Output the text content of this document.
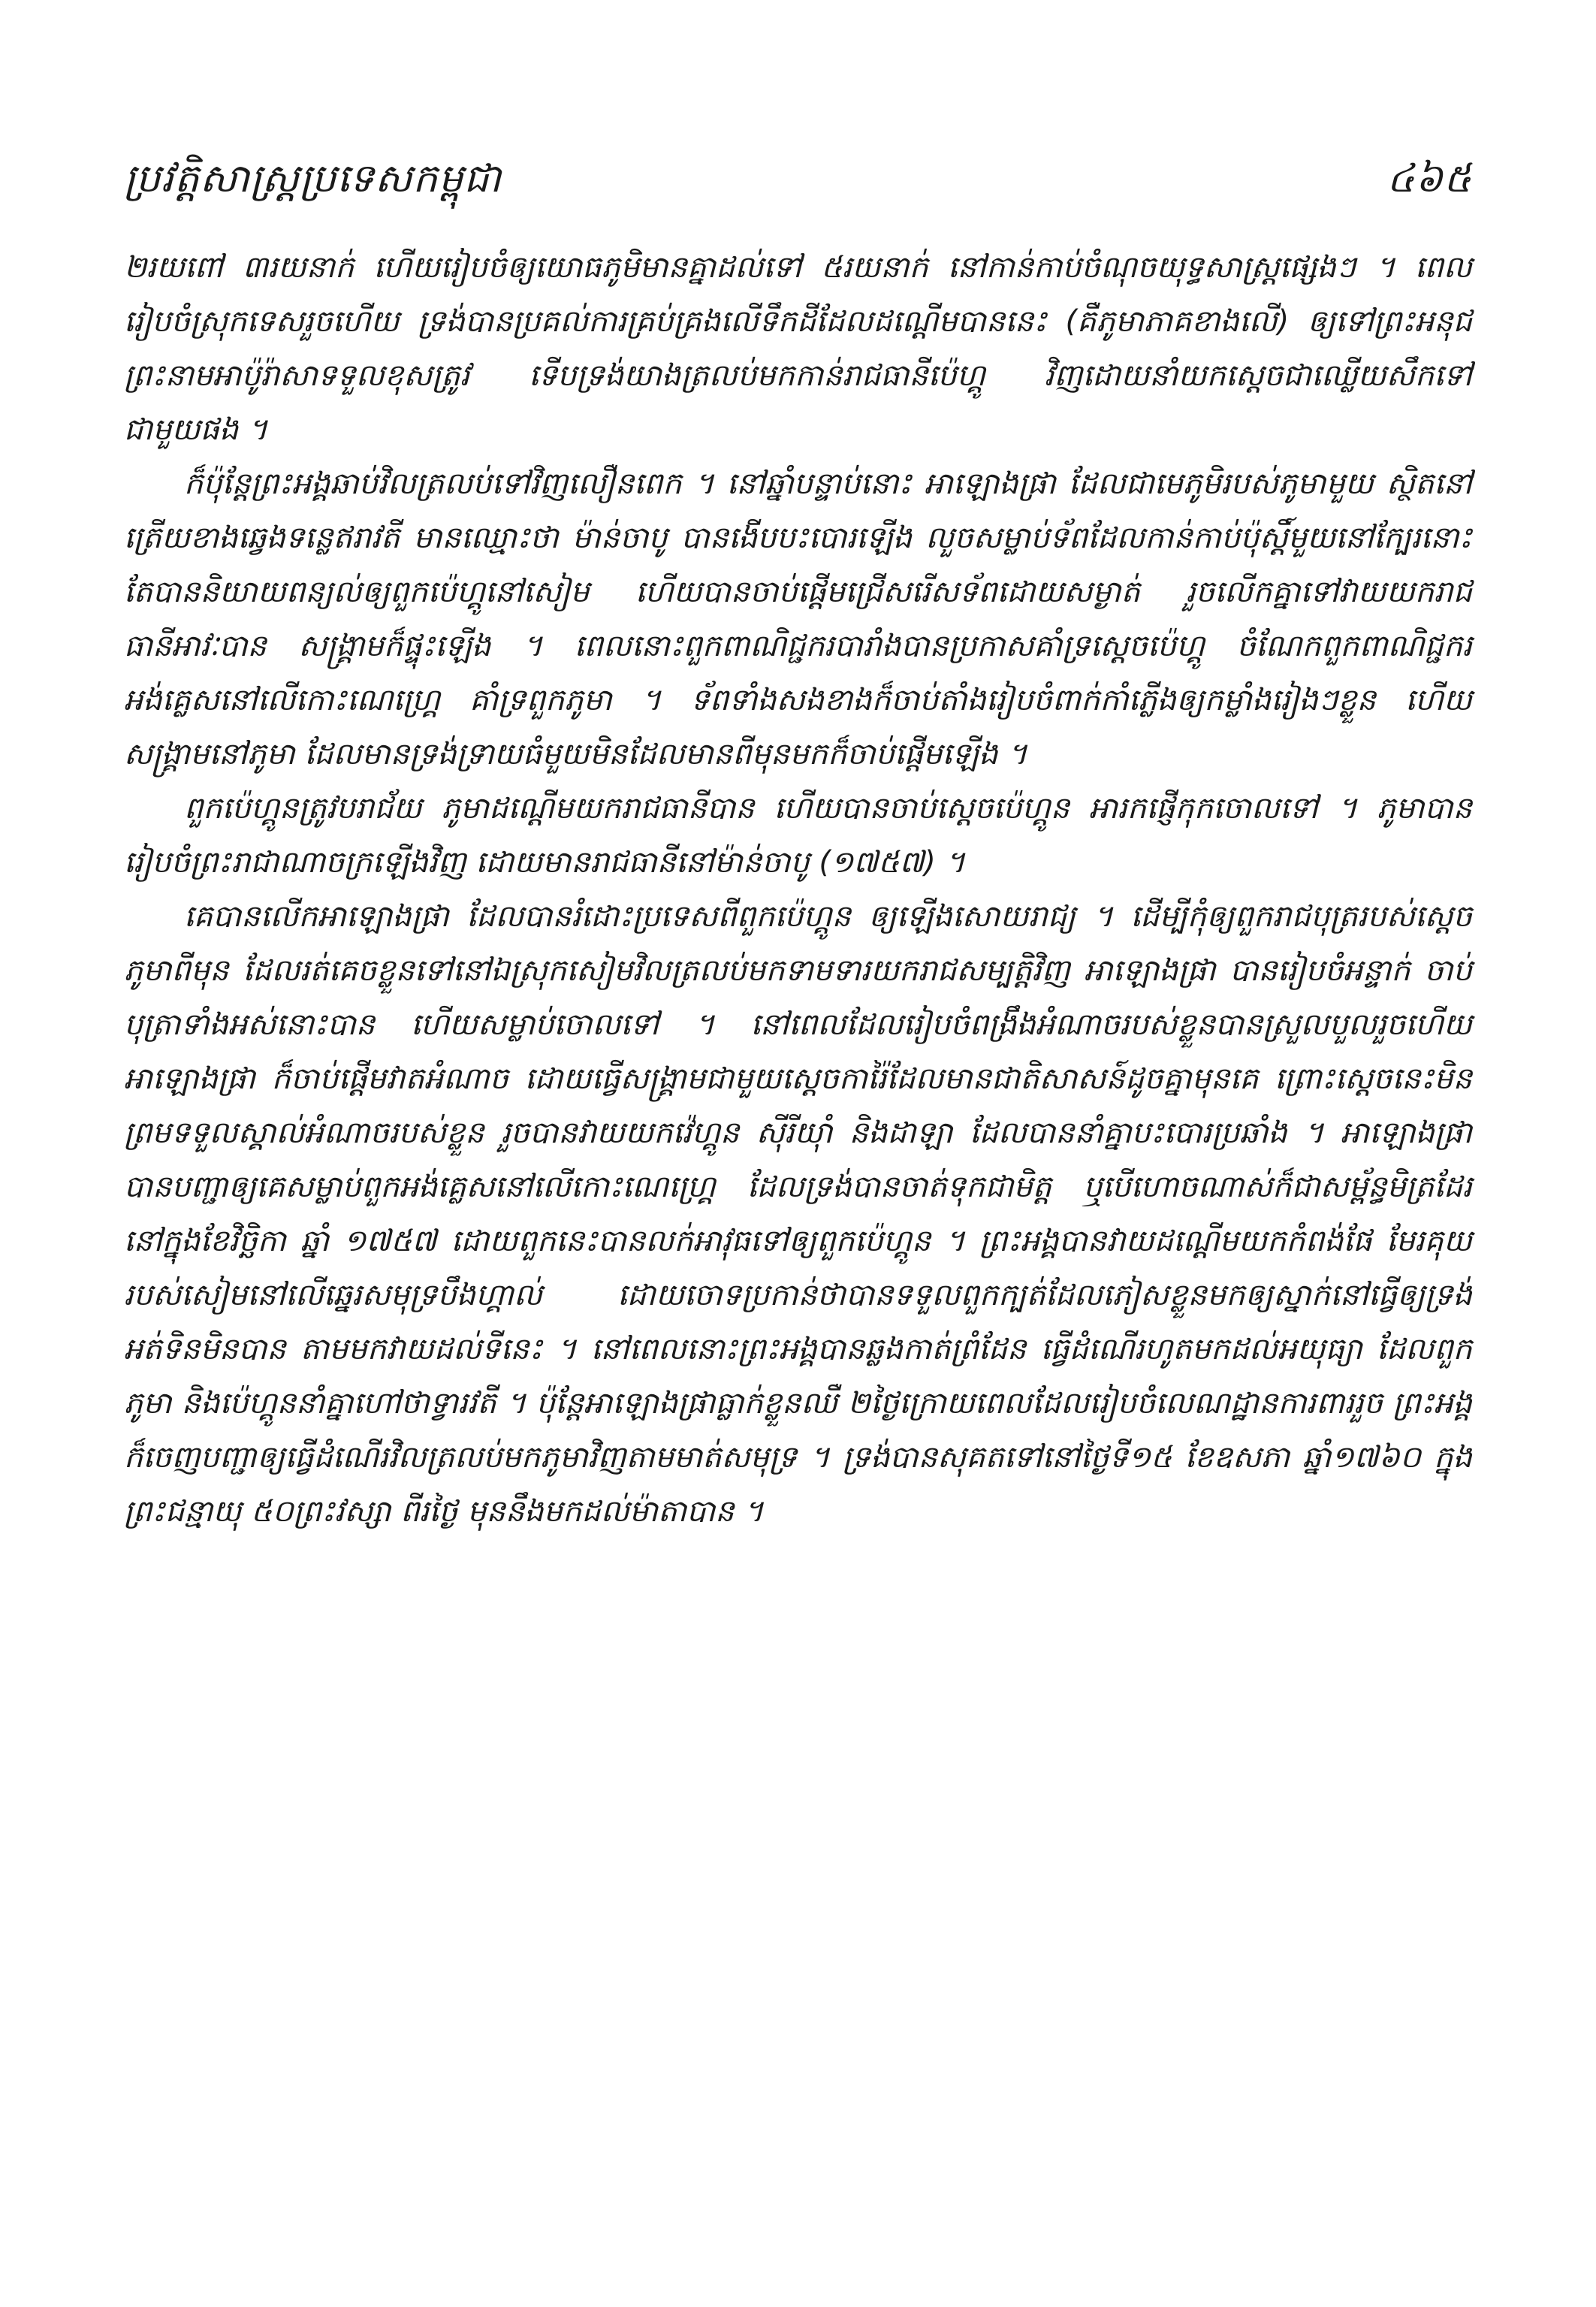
ប្រវត្តិសាស្ត្រប្រទេសកម្ពុជា	៤៦៥

២រយពៅ ៣រយនាក់ ហើយរៀបចំឲ្យយោធភូមិមានគ្នាដល់ទៅ ៥រយនាក់ នៅកាន់កាប់ចំណុចយុទ្ធសាស្ត្រផ្សេងៗ ។ ពេលរៀបចំស្រុកទេសរួចហើយ ទ្រង់បានប្រគល់ការគ្រប់គ្រងលើទឹកដីដែលដណ្តើមបាននេះ (គឺភូមាភាគខាងលើ) ឲ្យទៅព្រះអនុជព្រះនាមអាប៉ូរ៉ាសាទទួលខុសត្រូវ ទើបទ្រង់យាងត្រលប់មកកាន់រាជធានីប៉េហ្គូ វិញដោយនាំយកស្តេចជាឈ្លើយសឹកទៅជាមួយផង ។

ក៏ប៉ុន្តែព្រះអង្គឆាប់វិលត្រលប់ទៅវិញលឿនពេក ។ នៅឆ្នាំបន្ទាប់នោះ អាឡោងផ្រា ដែលជាមេភូមិរបស់ភូមាមួយ ស្ថិតនៅត្រើយខាងឆ្វេងទន្លេឥរាវតី មានឈ្មោះថា ម៉ាន់ចាបូ បានងើបបះបោរឡើង លួចសម្លាប់ទ័ពដែលកាន់កាប់ប៉ុស្តិ៍មួយនៅក្បែរនោះ តែបាននិយាយពន្យល់ឲ្យពួកប៉េហ្គូនៅសៀម ហើយបានចាប់ផ្តើមជ្រើសរើសទ័ពដោយសម្ងាត់ រួចលើកគ្នាទៅវាយយករាជធានីអាវៈបាន សង្គ្រាមក៏ផ្ទុះឡើង ។ ពេលនោះពួកពាណិជ្ជករបារាំងបានប្រកាសគាំទ្រស្តេចប៉េហ្គូ ចំណែកពួកពាណិជ្ជករអង់គ្លេសនៅលើកោះណេហ្គ្រេ គាំទ្រពួកភូមា ។ ទ័ពទាំងសងខាងក៏ចាប់តាំងរៀបចំពាក់កាំភ្លើងឲ្យកម្លាំងរៀងៗខ្លួន ហើយសង្គ្រាមនៅភូមា ដែលមានទ្រង់ទ្រាយធំមួយមិនដែលមានពីមុនមកក៏ចាប់ផ្តើមឡើង ។

ពួកប៉េហ្គូនត្រូវបរាជ័យ ភូមាដណ្តើមយករាជធានីបាន ហើយបានចាប់ស្តេចប៉េហ្គូន អារកផ្ញើកុកចោលទៅ ។ ភូមាបានរៀបចំព្រះរាជាណាចក្រឡើងវិញ ដោយមានរាជធានីនៅម៉ាន់ចាបូ (១៧៥៧) ។

គេបានលើកអាឡោងផ្រា ដែលបានរំដោះប្រទេសពីពួកប៉េហ្គូន ឲ្យឡើងសោយរាជ្យ ។ ដើម្បីកុំឲ្យពួករាជបុត្ររបស់ស្តេចភូមាពីមុន ដែលរត់គេចខ្លួនទៅនៅឯស្រុកសៀមវិលត្រលប់មកទាមទារយករាជសម្បត្តិវិញ អាឡោងផ្រា បានរៀបចំអន្ទាក់ ចាប់បុត្រាទាំងអស់នោះបាន ហើយសម្លាប់ចោលទៅ ។ នៅពេលដែលរៀបចំពង្រឹងអំណាចរបស់ខ្លួនបានស្រួលបួលរួចហើយ អាឡោងផ្រា ក៏ចាប់ផ្តើមវាតអំណាច ដោយធ្វើសង្គ្រាមជាមួយស្តេចការ៉ៃដែលមានជាតិសាសន៍ដូចគ្នាមុនគេ ព្រោះស្តេចនេះមិនព្រមទទួលស្គាល់អំណាចរបស់ខ្លួន រួចបានវាយយកវ៉េហ្គូន ស៊ីរីយ៉ាំ និងដាឡា ដែលបាននាំគ្នាបះបោរប្រឆាំង ។ អាឡោងផ្រា បានបញ្ជាឲ្យគេសម្លាប់ពួកអង់គ្លេសនៅលើកោះណេហ្គ្រេ ដែលទ្រង់បានចាត់ទុកជាមិត្ត ឬបើហោចណាស់ក៏ជាសម្ព័ន្ធមិត្រដែរ នៅក្នុងខែវិច្ឆិកា ឆ្នាំ ១៧៥៧ ដោយពួកនេះបានលក់អាវុធទៅឲ្យពួកប៉េហ្គូន ។ ព្រះអង្គបានវាយដណ្តើមយកកំពង់ផែ មែរគុយ របស់សៀមនៅលើឆ្នេរសមុទ្របឹងហ្គាល់ ដោយចោទប្រកាន់ថាបានទទួលពួកក្បត់ដែលភៀសខ្លួនមកឲ្យស្នាក់នៅធ្វើឲ្យទ្រង់អត់ទិនមិនបាន តាមមកវាយដល់ទីនេះ ។ នៅពេលនោះព្រះអង្គបានឆ្លងកាត់ព្រំដែន ធ្វើដំណើរហូតមកដល់អយុធ្យា ដែលពួកភូមា និងប៉េហ្គូននាំគ្នាហៅថាទ្វារវតី ។ ប៉ុន្តែអាឡោងផ្រាធ្លាក់ខ្លួនឈឺ ២ថ្ងៃក្រោយពេលដែលរៀបចំលេណដ្ឋានការពាររួច ព្រះអង្គក៏ចេញបញ្ជាឲ្យធ្វើដំណើរវិលត្រលប់មកភូមាវិញតាមមាត់សមុទ្រ ។ ទ្រង់បានសុគតទៅនៅថ្ងៃទី១៥ ខែឧសភា ឆ្នាំ១៧៦០ ក្នុងព្រះជន្មាយុ ៥០ព្រះវស្សា ពីរថ្ងៃ មុននឹងមកដល់ម៉ាតាបាន ។
